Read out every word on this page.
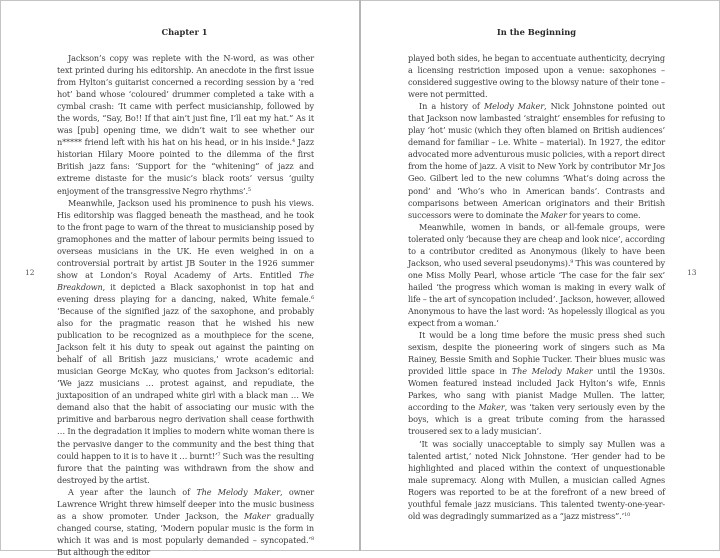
Chapter 1
12

Jackson’s copy was replete with the N-word, as was other text printed during his editorship. An anecdote in the first issue from Hylton’s guitarist concerned a recording session by a ‘red hot’ band whose ‘coloured’ drummer completed a take with a cymbal crash: ‘It came with perfect musicianship, followed by the words, “Say, Bo!! If that ain’t just fine, I’ll eat my hat.” As it was [pub] opening time, we didn’t wait to see whether our n***** friend left with his hat on his head, or in his inside.$^4$ Jazz historian Hilary Moore pointed to the dilemma of the first British jazz fans: ‘Support for the “whitening” of jazz and extreme distaste for the music’s black roots’ versus ‘guilty enjoyment of the transgressive Negro rhythms’.$^5$

Meanwhile, Jackson used his prominence to push his views. His editorship was flagged beneath the masthead, and he took to the front page to warn of the threat to musicianship posed by gramophones and the matter of labour permits being issued to overseas musicians in the UK. He even weighed in on a controversial portrait by artist JB Souter in the 1926 summer show at London’s Royal Academy of Arts. Entitled The Breakdown, it depicted a Black saxophonist in top hat and evening dress playing for a dancing, naked, White female.$^6$ ‘Because of the signified jazz of the saxophone, and probably also for the pragmatic reason that he wished his new publication to be recognized as a mouthpiece for the scene, Jackson felt it his duty to speak out against the painting on behalf of all British jazz musicians,’ wrote academic and musician George McKay, who quotes from Jackson’s editorial: ‘We jazz musicians … protest against, and repudiate, the juxtaposition of an undraped white girl with a black man … We demand also that the habit of associating our music with the primitive and barbarous negro derivation shall cease forthwith … In the degradation it implies to modern white woman there is the pervasive danger to the community and the best thing that could happen to it is to have it … burnt!’$^7$ Such was the resulting furore that the painting was withdrawn from the show and destroyed by the artist.

A year after the launch of The Melody Maker, owner Lawrence Wright threw himself deeper into the music business as a show promoter. Under Jackson, the Maker gradually changed course, stating, ‘Modern popular music is the form in which it was and is most popularly demanded – syncopated.’$^8$ But although the editor

In the Beginning
13

played both sides, he began to accentuate authenticity, decrying a licensing restriction imposed upon a venue: saxophones – considered suggestive owing to the blowsy nature of their tone – were not permitted.

In a history of Melody Maker, Nick Johnstone pointed out that Jackson now lambasted ‘straight’ ensembles for refusing to play ‘hot’ music (which they often blamed on British audiences’ demand for familiar – i.e. White – material). In 1927, the editor advocated more adventurous music policies, with a report direct from the home of jazz. A visit to New York by contributor Mr Jos Geo. Gilbert led to the new columns ‘What’s doing across the pond’ and ‘Who’s who in American bands’. Contrasts and comparisons between American originators and their British successors were to dominate the Maker for years to come.

Meanwhile, women in bands, or all-female groups, were tolerated only ‘because they are cheap and look nice’, according to a contributor credited as Anonymous (likely to have been Jackson, who used several pseudonyms).$^9$ This was countered by one Miss Molly Pearl, whose article ‘The case for the fair sex’ hailed ‘the progress which woman is making in every walk of life – the art of syncopation included’. Jackson, however, allowed Anonymous to have the last word: ‘As hopelessly illogical as you expect from a woman.’

It would be a long time before the music press shed such sexism, despite the pioneering work of singers such as Ma Rainey, Bessie Smith and Sophie Tucker. Their blues music was provided little space in The Melody Maker until the 1930s. Women featured instead included Jack Hylton’s wife, Ennis Parkes, who sang with pianist Madge Mullen. The latter, according to the Maker, was ‘taken very seriously even by the boys, which is a great tribute coming from the harassed trousered sex to a lady musician’.

‘It was socially unacceptable to simply say Mullen was a talented artist,’ noted Nick Johnstone. ‘Her gender had to be highlighted and placed within the context of unquestionable male supremacy. Along with Mullen, a musician called Agnes Rogers was reported to be at the forefront of a new breed of youthful female jazz musicians. This talented twenty-one-year-old was degradingly summarized as a “jazz mistress”.’$^{10}$
